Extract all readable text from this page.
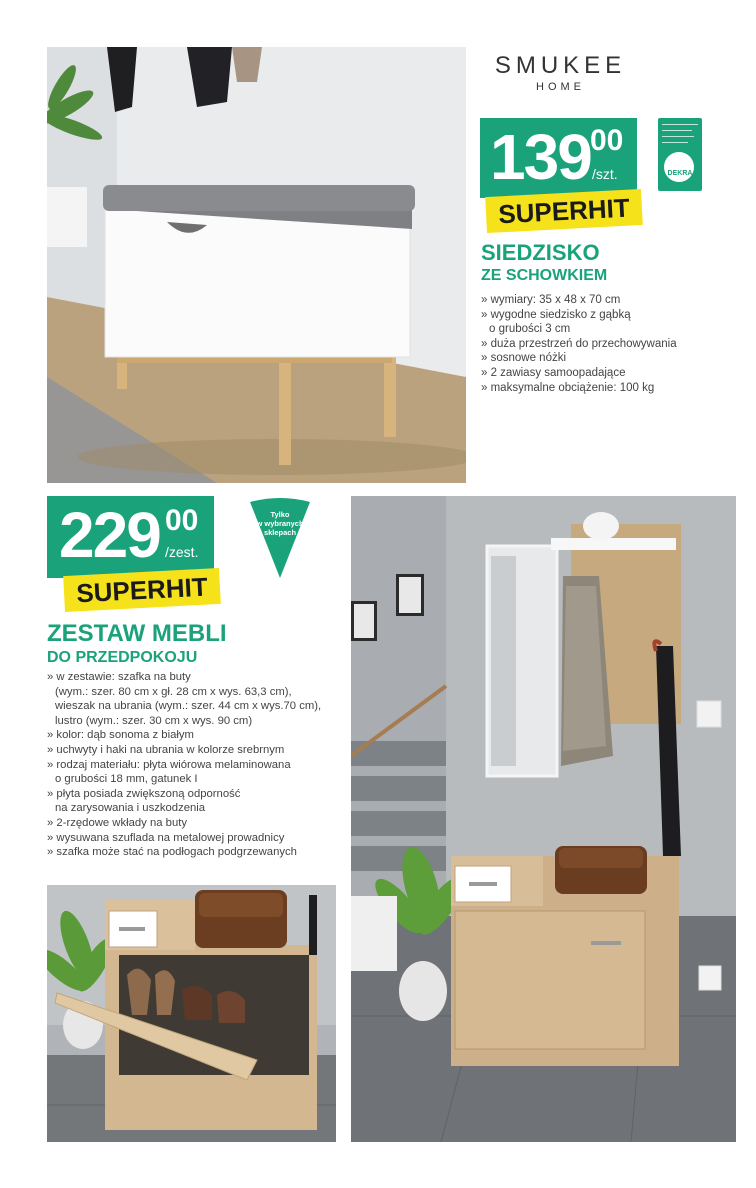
SMUKEE
HOME
139 00
/szt.
SUPERHIT
DEKRA
SIEDZISKO
ZE SCHOWKIEM
» wymiary: 35 x 48 x 70 cm
» wygodne siedzisko z gąbką
o grubości 3 cm
» duża przestrzeń do przechowywania
» sosnowe nóżki
» 2 zawiasy samoopadające
» maksymalne obciążenie: 100 kg
229 00
/zest.
SUPERHIT
Tylko
w wybranych
sklepach
ZESTAW MEBLI
DO PRZEDPOKOJU
» w zestawie: szafka na buty
(wym.: szer. 80 cm x gł. 28 cm x wys. 63,3 cm),
wieszak na ubrania (wym.: szer. 44 cm x wys.70 cm),
lustro (wym.: szer. 30 cm x wys. 90 cm)
» kolor: dąb sonoma z białym
» uchwyty i haki na ubrania w kolorze srebrnym
» rodzaj materiału: płyta wiórowa melaminowana
o grubości 18 mm, gatunek I
» płyta posiada zwiększoną odporność
na zarysowania i uszkodzenia
» 2-rzędowe wkłady na buty
» wysuwana szuflada na metalowej prowadnicy
» szafka może stać na podłogach podgrzewanych
